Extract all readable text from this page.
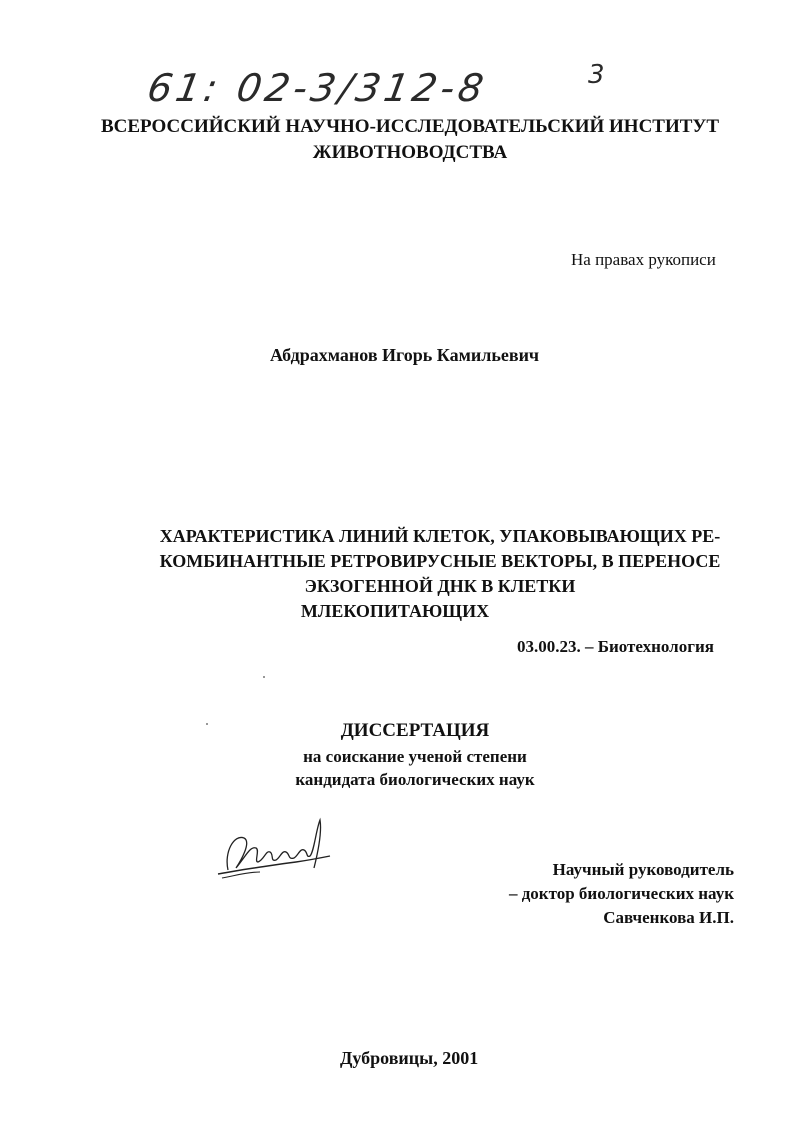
61: 02-3/312-8	3
ВСЕРОССИЙСКИЙ НАУЧНО-ИССЛЕДОВАТЕЛЬСКИЙ ИНСТИТУТ
ЖИВОТНОВОДСТВА
На правах рукописи
Абдрахманов Игорь Камильевич
ХАРАКТЕРИСТИКА ЛИНИЙ КЛЕТОК, УПАКОВЫВАЮЩИХ РЕ-
КОМБИНАНТНЫЕ РЕТРОВИРУСНЫЕ ВЕКТОРЫ, В ПЕРЕНОСЕ
ЭКЗОГЕННОЙ ДНК В КЛЕТКИ
МЛЕКОПИТАЮЩИХ
03.00.23. – Биотехнология
ДИССЕРТАЦИЯ
на соискание ученой степени
кандидата биологических наук
Научный руководитель
– доктор биологических наук
Савченкова И.П.
Дубровицы, 2001
